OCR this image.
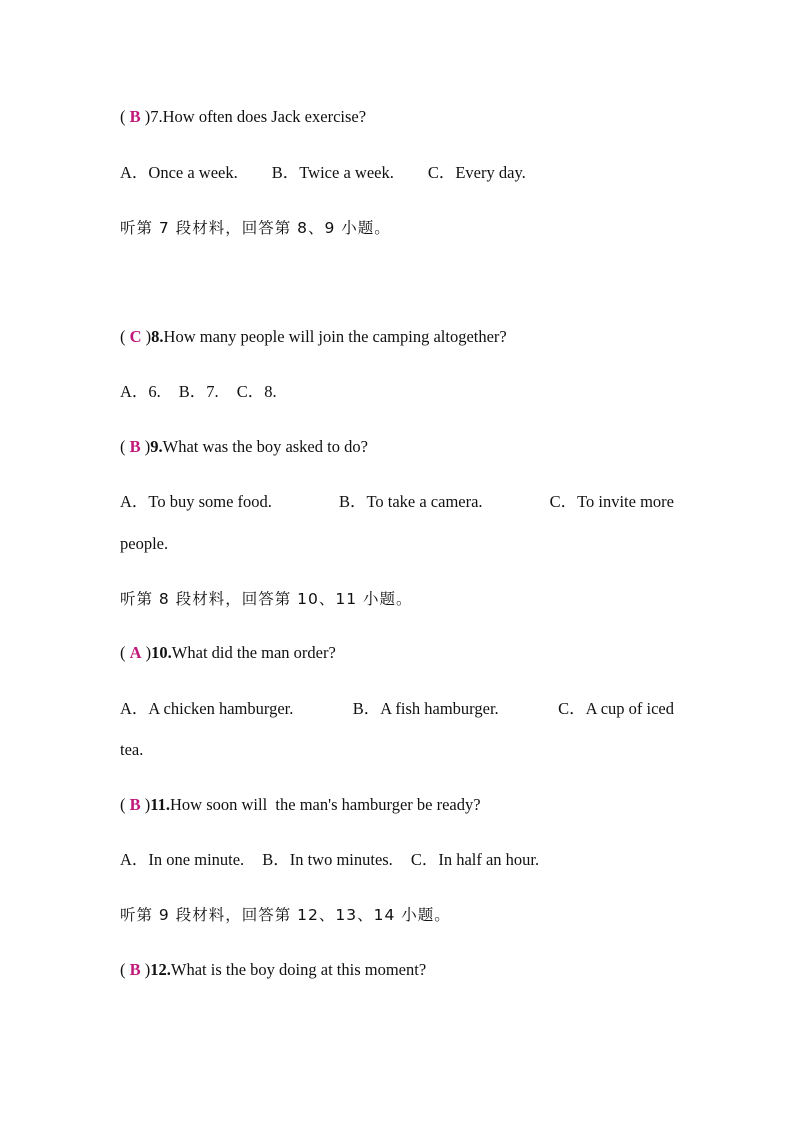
( B )7.How often does Jack exercise?
A．Once a week. B．Twice a week. C．Every day.
听第 7 段材料，回答第 8、9 小题。
( C )8.How many people will join the camping altogether?
A．6. B．7. C．8.
( B )9.What was the boy asked to do?
A．To buy some food.	B．To take a camera.	C．To invite more
people.
听第 8 段材料，回答第 10、11 小题。
( A )10.What did the man order?
A．A chicken hamburger.	B．A fish hamburger.	C．A cup of iced
tea.
( B )11.How soon will  the man's hamburger be ready?
A．In one minute. B．In two minutes. C．In half an hour.
听第 9 段材料，回答第 12、13、14 小题。
( B )12.What is the boy doing at this moment?
